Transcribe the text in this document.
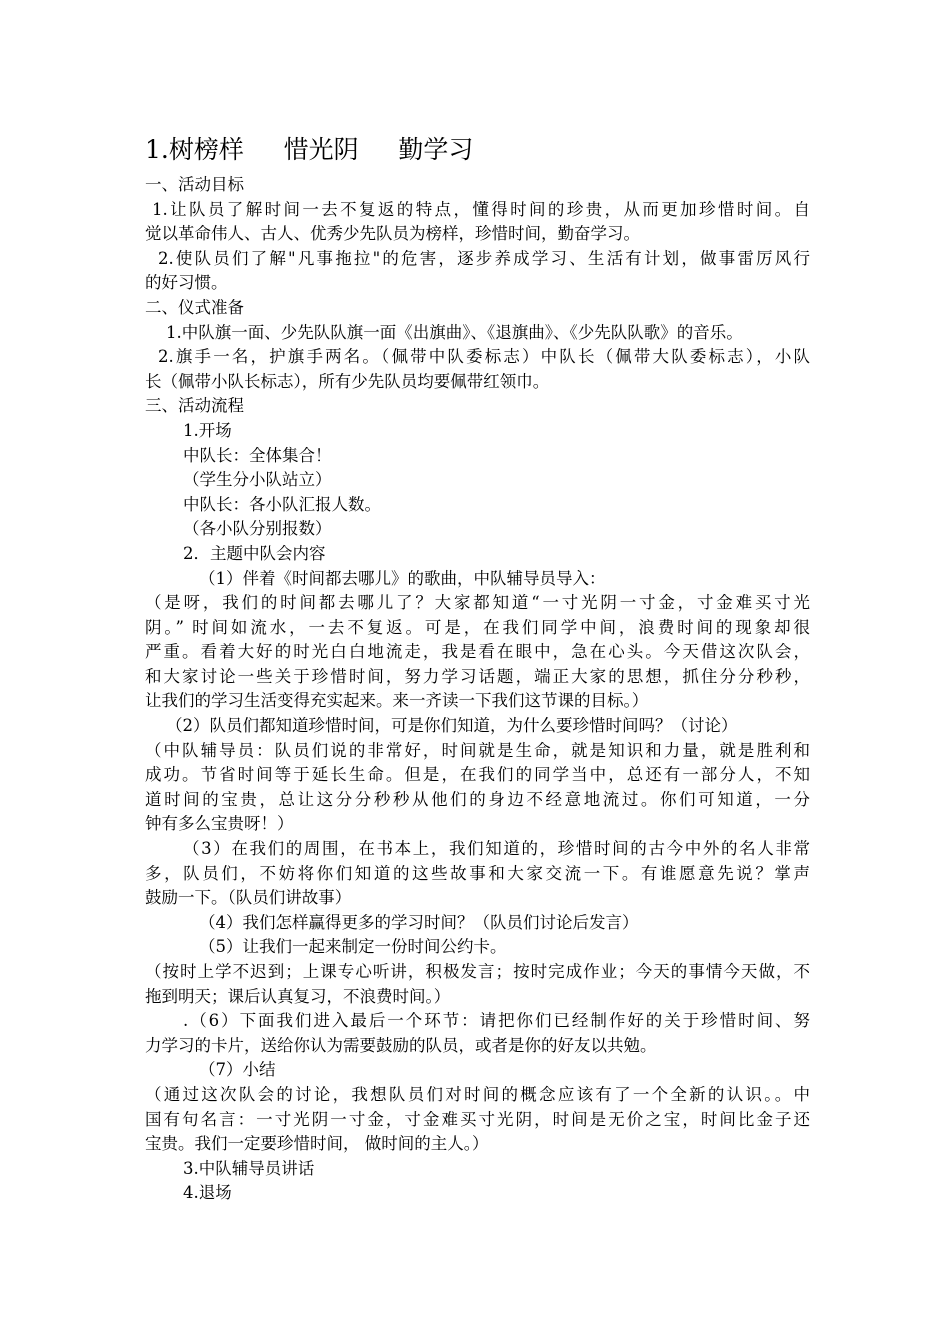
1.树榜样     惜光阴     勤学习
一、活动目标
1.让队员了解时间一去不复返的特点，懂得时间的珍贵，从而更加珍惜时间。自
觉以革命伟人、古人、优秀少先队员为榜样，珍惜时间，勤奋学习。
2.使队员们了解"凡事拖拉"的危害，逐步养成学习、生活有计划，做事雷厉风行
的好习惯。
二、仪式准备
1.中队旗一面、少先队队旗一面《出旗曲》、《退旗曲》、《少先队队歌》的音乐。
2.旗手一名，护旗手两名。（佩带中队委标志）中队长（佩带大队委标志），小队
长（佩带小队长标志），所有少先队员均要佩带红领巾。
三、活动流程
1.开场
中队长：全体集合！
（学生分小队站立）
中队长：各小队汇报人数。
（各小队分别报数）
2．主题中队会内容
（1）伴着《时间都去哪儿》的歌曲，中队辅导员导入：
（是呀，我们的时间都去哪儿了？大家都知道“一寸光阴一寸金，寸金难买寸光
阴。” 时间如流水，一去不复返。可是，在我们同学中间，浪费时间的现象却很
严重。看着大好的时光白白地流走，我是看在眼中，急在心头。今天借这次队会，
和大家讨论一些关于珍惜时间，努力学习话题，端正大家的思想，抓住分分秒秒，
让我们的学习生活变得充实起来。来一齐读一下我们这节课的目标。）
（2）队员们都知道珍惜时间，可是你们知道，为什么要珍惜时间吗？（讨论）
（中队辅导员：队员们说的非常好，时间就是生命，就是知识和力量，就是胜利和
成功。节省时间等于延长生命。但是，在我们的同学当中，总还有一部分人，不知
道时间的宝贵，总让这分分秒秒从他们的身边不经意地流过。你们可知道，一分
钟有多么宝贵呀！）
（3）在我们的周围，在书本上，我们知道的，珍惜时间的古今中外的名人非常
多，队员们，不妨将你们知道的这些故事和大家交流一下。有谁愿意先说？掌声
鼓励一下。（队员们讲故事）
（4）我们怎样赢得更多的学习时间？（队员们讨论后发言）
（5）让我们一起来制定一份时间公约卡。
（按时上学不迟到；上课专心听讲，积极发言；按时完成作业；今天的事情今天做，不
拖到明天；课后认真复习，不浪费时间。）
.（6）下面我们进入最后一个环节：请把你们已经制作好的关于珍惜时间、努
力学习的卡片，送给你认为需要鼓励的队员，或者是你的好友以共勉。
（7）小结
（通过这次队会的讨论，我想队员们对时间的概念应该有了一个全新的认识。。中
国有句名言：一寸光阴一寸金，寸金难买寸光阴，时间是无价之宝，时间比金子还
宝贵。我们一定要珍惜时间， 做时间的主人。）
3.中队辅导员讲话
4.退场
